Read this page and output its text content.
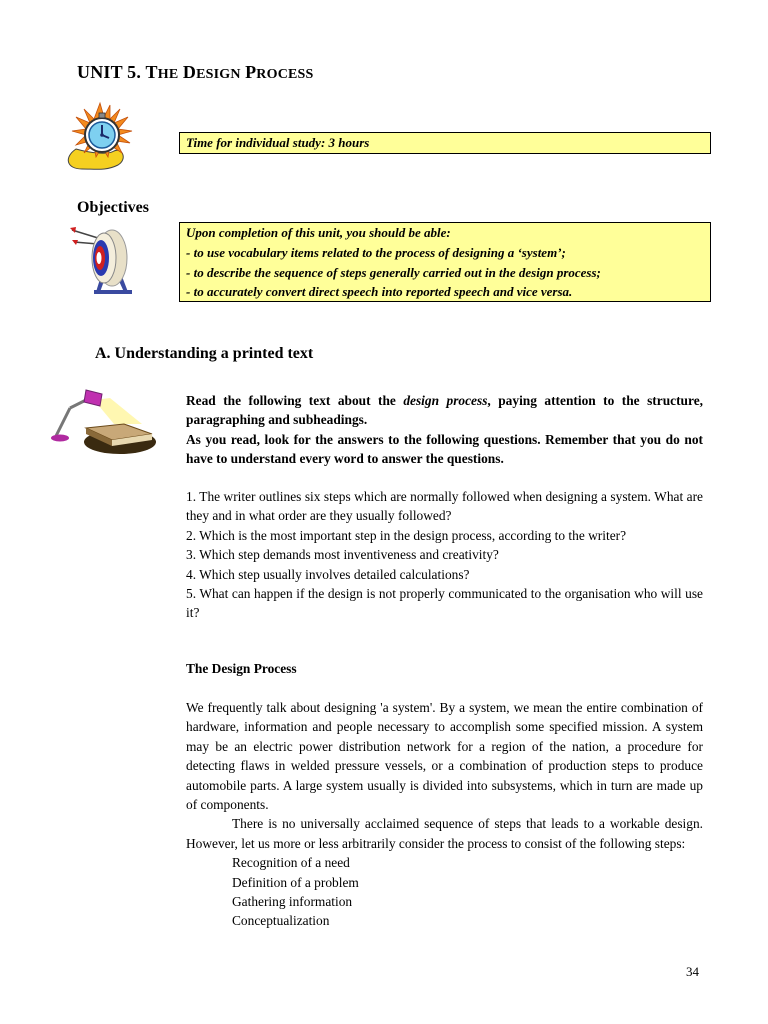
UNIT 5. THE DESIGN PROCESS
Time for individual study: 3 hours
Objectives
Upon completion of this unit, you should be able:
- to use vocabulary items related to the process of designing a ‘system’;
- to describe the sequence of steps generally carried out in the design process;
- to accurately convert direct speech into reported speech and vice versa.
A. Understanding a printed text
Read the following text about the design process, paying attention to the structure, paragraphing and subheadings.
As you read, look for the answers to the following questions. Remember that you do not have to understand every word to answer the questions.

1. The writer outlines six steps which are normally followed when designing a system. What are they and in what order are they usually followed?

2. Which is the most important step in the design process, according to the writer?

3. Which step demands most inventiveness and creativity?

4. Which step usually involves detailed calculations?

5. What can happen if the design is not properly communicated to the organisation who will use it?

The Design Process

We frequently talk about designing 'a system'. By a system, we mean the entire combination of hardware, information and people necessary to accomplish some specified mission. A system may be an electric power distribution network for a region of the nation, a procedure for detecting flaws in welded pressure vessels, or a combination of production steps to produce automobile parts. A large system usually is divided into subsystems, which in turn are made up of components.

There is no universally acclaimed sequence of steps that leads to a workable design. However, let us more or less arbitrarily consider the process to consist of the following steps:

Recognition of a need
Definition of a problem
Gathering information
Conceptualization
34
